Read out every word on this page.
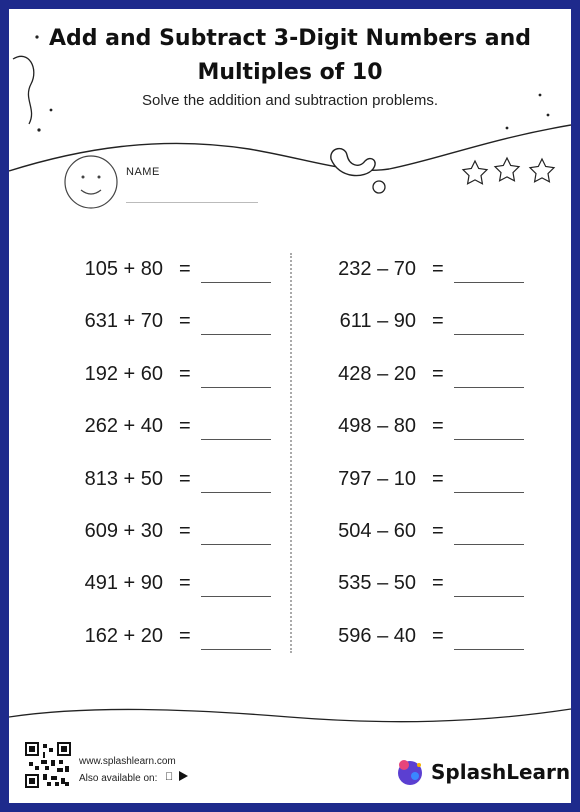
Add and Subtract 3-Digit Numbers and
Multiples of 10
Solve the addition and subtraction problems.
NAME
105 + 80 =
631 + 70 =
192 + 60 =
262 + 40 =
813 + 50 =
609 + 30 =
491 + 90 =
162 + 20 =
232 – 70 =
611 – 90 =
428 – 20 =
498 – 80 =
797 – 10 =
504 – 60 =
535 – 50 =
596 – 40 =
www.splashlearn.com
Also available on:	SplashLearn
